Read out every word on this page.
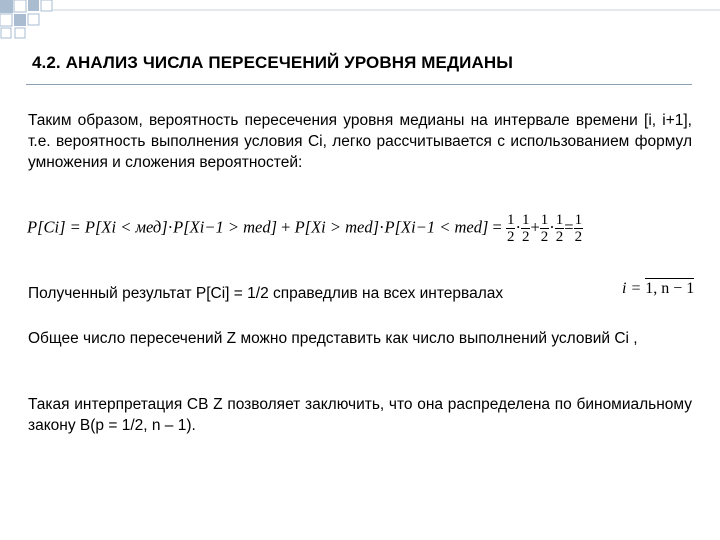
4.2. АНАЛИЗ ЧИСЛА ПЕРЕСЕЧЕНИЙ УРОВНЯ МЕДИАНЫ
Таким образом, вероятность пересечения уровня медианы на интервале времени [i, i+1], т.е. вероятность выполнения условия Ci, легко рассчитывается с использованием формул умножения и сложения вероятностей:
$P[Ci] = P[Xi < мед]\cdot P[Xi-1 > med] + P[Xi > med]\cdot P[Xi-1 < med] = \frac{1}{2} \cdot \frac{1}{2} + \frac{1}{2} \cdot \frac{1}{2} = \frac{1}{2}$
Полученный результат P[Ci] = 1/2 справедлив на всех интервалах	i = 1, n − 1
Общее число пересечений Z можно представить как число выполнений условий Ci ,
Такая интерпретация СВ Z позволяет заключить, что она распределена по биномиальному закону B(p = 1/2, n – 1).
